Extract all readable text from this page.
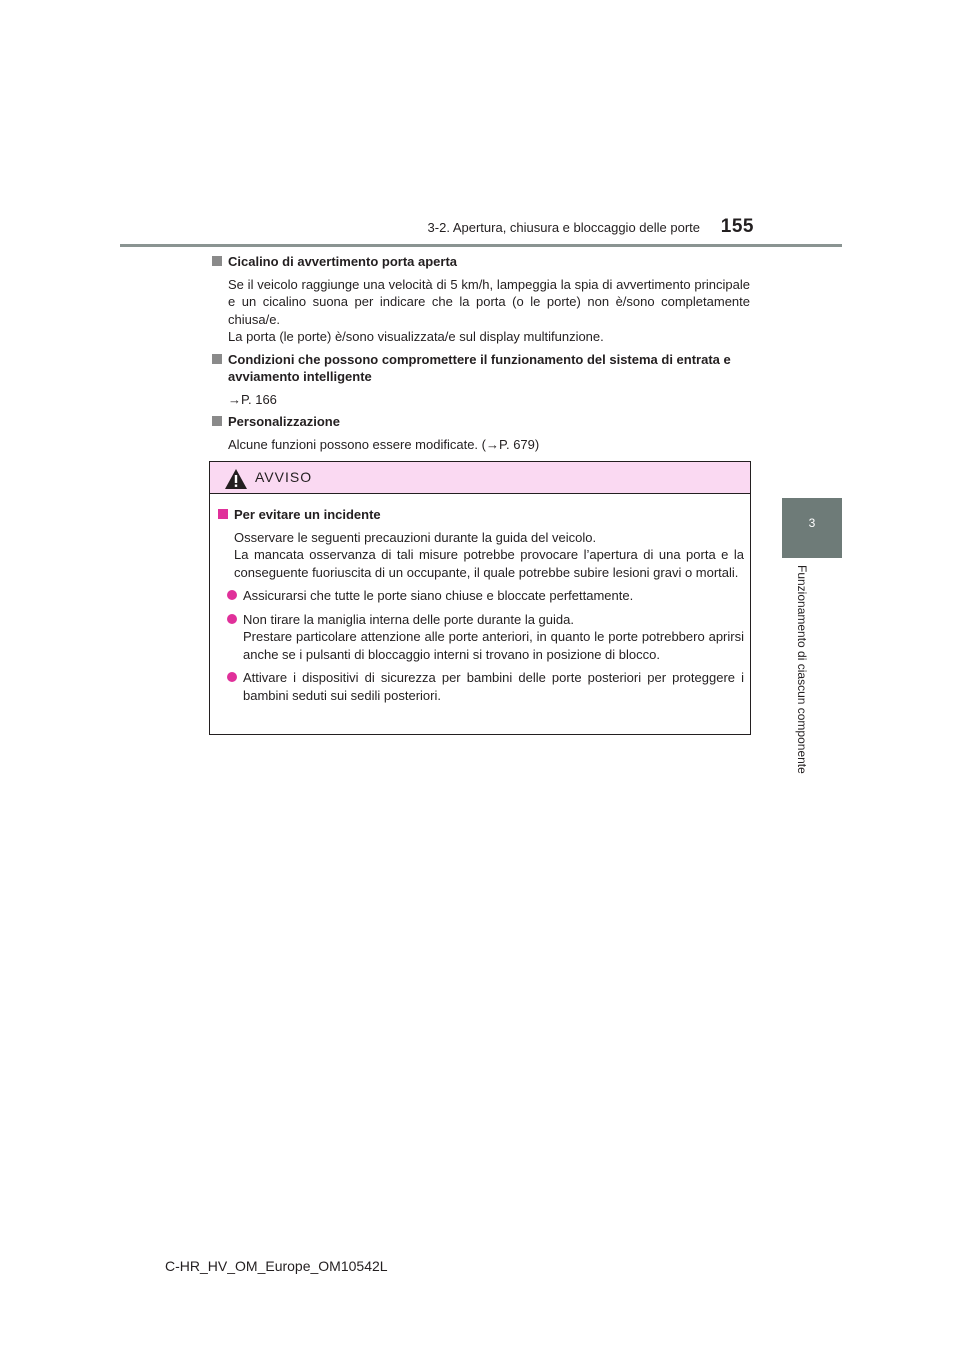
3-2. Apertura, chiusura e bloccaggio delle porte 155
3
Funzionamento di ciascun componente
Cicalino di avvertimento porta aperta

Se il veicolo raggiunge una velocità di 5 km/h, lampeggia la spia di avvertimento principale e un cicalino suona per indicare che la porta (o le porte) non è/sono completamente chiusa/e.

La porta (le porte) è/sono visualizzata/e sul display multifunzione.

Condizioni che possono compromettere il funzionamento del sistema di entrata e avviamento intelligente

→P. 166

Personalizzazione

Alcune funzioni possono essere modificate. (→P. 679)

AVVISO
Per evitare un incidente

Osservare le seguenti precauzioni durante la guida del veicolo.

La mancata osservanza di tali misure potrebbe provocare l’apertura di una porta e la conseguente fuoriuscita di un occupante, il quale potrebbe subire lesioni gravi o mortali.

Assicurarsi che tutte le porte siano chiuse e bloccate perfettamente.

Non tirare la maniglia interna delle porte durante la guida.

Prestare particolare attenzione alle porte anteriori, in quanto le porte potrebbero aprirsi anche se i pulsanti di bloccaggio interni si trovano in posizione di blocco.

Attivare i dispositivi di sicurezza per bambini delle porte posteriori per proteggere i bambini seduti sui sedili posteriori.

C-HR_HV_OM_Europe_OM10542L
